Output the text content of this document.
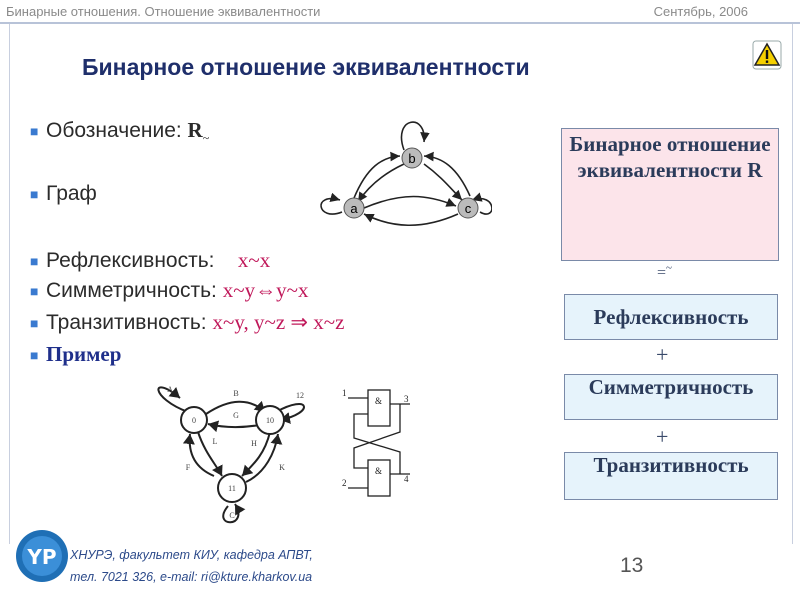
Бинарные отношения. Отношение эквивалентности	Сентябрь, 2006
Бинарное отношение эквивалентности
■ Обозначение: $R_\sim$
■ Граф
■ Рефлексивность:    x~x
■ Симметричность: x~y⇔y~x
■ Транзитивность: x~y, y~z ⇒ x~z
■ Пример
b
a	c
0	10
11
A	B	12
G
L	H
F	K
C
1
2
3
4
&
&
Бинарное отношение эквивалентности R
=~
Рефлексивность
+
Симметричность
+
Транзитивность
YP ХНУРЭ, факультет КИУ, кафедра АПВТ,
тел. 7021 326, e-mail: ri@kture.kharkov.ua	13
